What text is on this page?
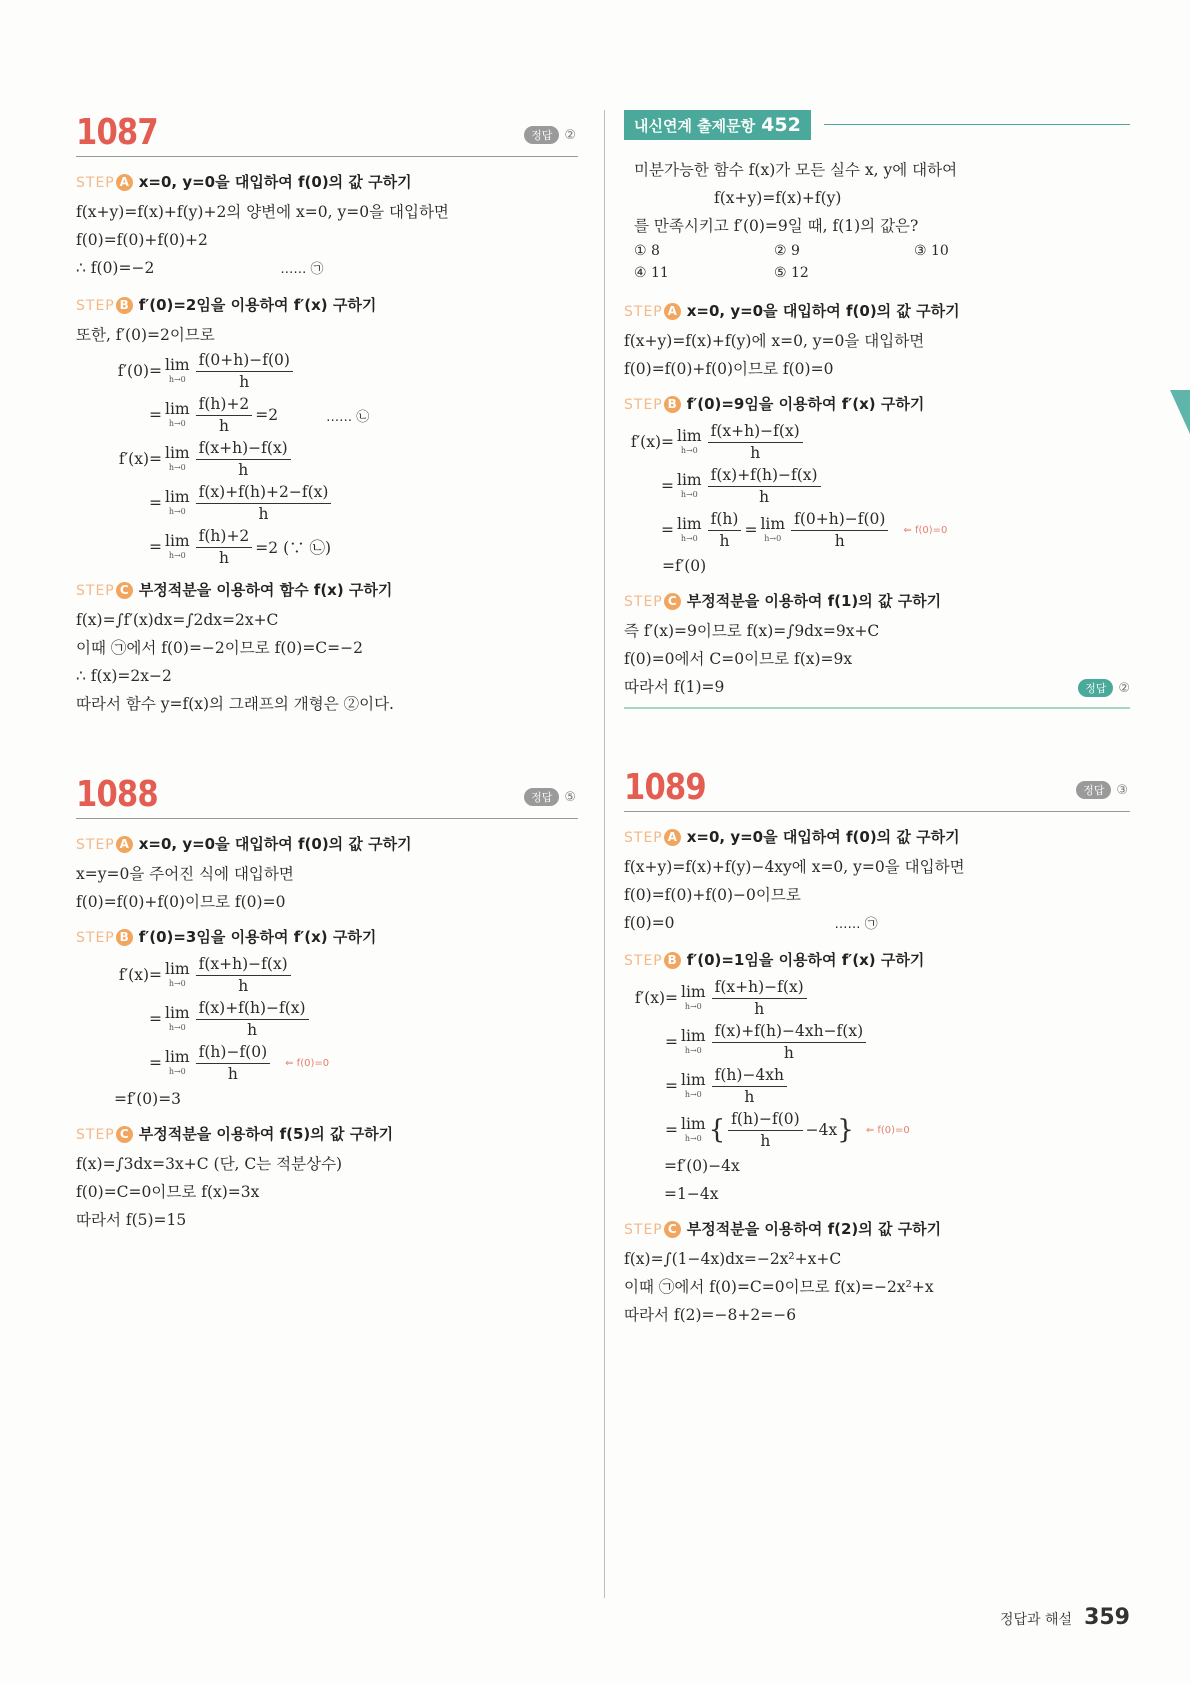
1087	정답 ②
STEP A x=0, y=0을 대입하여 f(0)의 값 구하기
f(x+y)=f(x)+f(y)+2의 양변에 x=0, y=0을 대입하면
f(0)=f(0)+f(0)+2
∴ f(0)=−2	…… ㉠
STEP B f′(0)=2임을 이용하여 f′(x) 구하기
또한, f′(0)=2이므로
f′(0)= lim
$h\to 0 \frac{f(0+h)-f(0)}{h}$
= lim
$h\to 0 \frac{f(h)+2}{h} =2$	…… ㉡
f′(x)= lim
$h\to 0 \frac{f(x+h)-f(x)}{h}$
= lim
$h\to 0 \frac{f(x)+f(h)+2-f(x)}{h}$
= lim
$h\to 0 \frac{f(h)+2}{h} =2$ (∵ ㉡)
STEP C 부정적분을 이용하여 함수 f(x) 구하기
f(x)=∫f′(x)dx=∫2dx=2x+C
이때 ㉠에서 f(0)=−2이므로 f(0)=C=−2
∴ f(x)=2x−2
따라서 함수 y=f(x)의 그래프의 개형은 ②이다.
1088	정답 ⑤
STEP A x=0, y=0을 대입하여 f(0)의 값 구하기
x=y=0을 주어진 식에 대입하면
f(0)=f(0)+f(0)이므로 f(0)=0
STEP B f′(0)=3임을 이용하여 f′(x) 구하기
f′(x)= lim
$h\to 0 \frac{f(x+h)-f(x)}{h}$
= lim
$h\to 0 \frac{f(x)+f(h)-f(x)}{h}$
= lim
$h\to 0 \frac{f(h)-f(0)}{h}$ ⇐ f(0)=0
=f′(0)=3
STEP C 부정적분을 이용하여 f(5)의 값 구하기
f(x)=∫3dx=3x+C (단, C는 적분상수)
f(0)=C=0이므로 f(x)=3x
따라서 f(5)=15
내신연계 출제문항 452
미분가능한 함수 f(x)가 모든 실수 x, y에 대하여
f(x+y)=f(x)+f(y)
를 만족시키고 f′(0)=9일 때, f(1)의 값은?
① 8	② 9	③ 10
④ 11	⑤ 12
STEP A x=0, y=0을 대입하여 f(0)의 값 구하기
f(x+y)=f(x)+f(y)에 x=0, y=0을 대입하면
f(0)=f(0)+f(0)이므로 f(0)=0
STEP B f′(0)=9임을 이용하여 f′(x) 구하기
f′(x)= lim
$h\to 0 \frac{f(x+h)-f(x)}{h}$
= lim
$h\to 0 \frac{f(x)+f(h)-f(x)}{h}$
= lim
$h\to 0 \frac{f(h)}{h} = \lim$
$h\to 0 \frac{f(0+h)-f(0)}{h}$ ⇐ f(0)=0
=f′(0)
STEP C 부정적분을 이용하여 f(1)의 값 구하기
즉 f′(x)=9이므로 f(x)=∫9dx=9x+C
f(0)=0에서 C=0이므로 f(x)=9x
따라서 f(1)=9	정답 ②
1089	정답 ③
STEP A x=0, y=0을 대입하여 f(0)의 값 구하기
f(x+y)=f(x)+f(y)−4xy에 x=0, y=0을 대입하면
f(0)=f(0)+f(0)−0이므로
f(0)=0	…… ㉠
STEP B f′(0)=1임을 이용하여 f′(x) 구하기
f′(x)= lim
$h\to 0 \frac{f(x+h)-f(x)}{h}$
= lim
$h\to 0 \frac{f(x)+f(h)-4xh-f(x)}{h}$
= lim
$h\to 0 \frac{f(h)-4xh}{h}$
= lim
h→0 { $\frac{f(h)-f(0)}{h} -4x$ } ⇐ f(0)=0
=f′(0)−4x
=1−4x
STEP C 부정적분을 이용하여 f(2)의 값 구하기
f(x)=∫(1−4x)dx=−2x²+x+C
이때 ㉠에서 f(0)=C=0이므로 f(x)=−2x²+x
따라서 f(2)=−8+2=−6
정답과 해설 359
